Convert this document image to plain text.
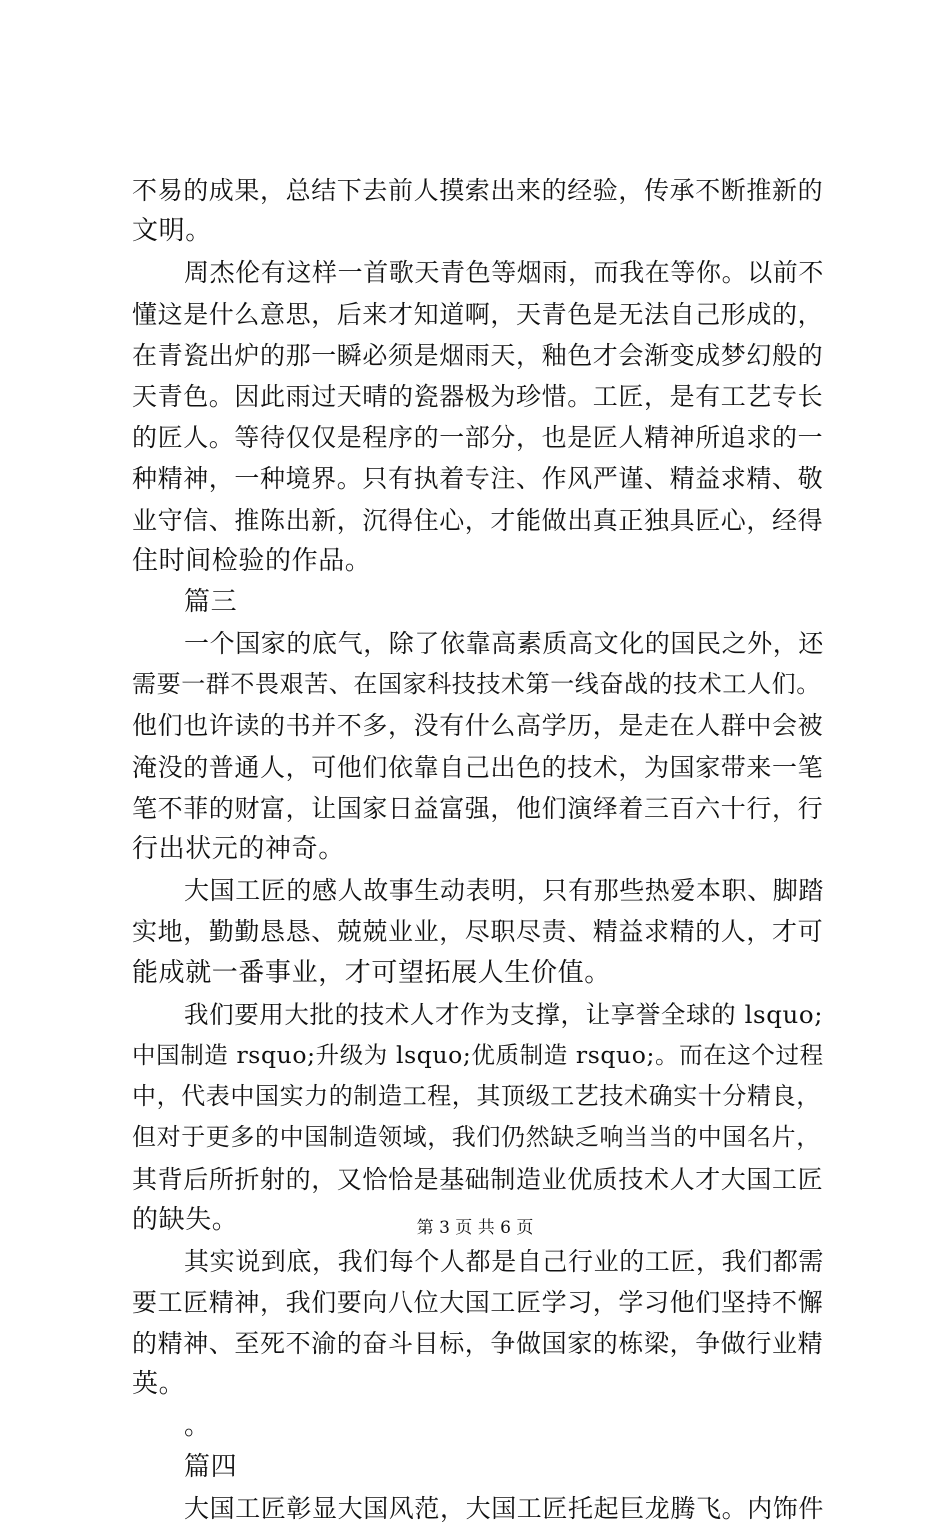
不易的成果，总结下去前人摸索出来的经验，传承不断推新的
文明。
周杰伦有这样一首歌天青色等烟雨，而我在等你。以前不
懂这是什么意思，后来才知道啊，天青色是无法自己形成的，
在青瓷出炉的那一瞬必须是烟雨天，釉色才会渐变成梦幻般的
天青色。因此雨过天晴的瓷器极为珍惜。工匠，是有工艺专长
的匠人。等待仅仅是程序的一部分，也是匠人精神所追求的一
种精神，一种境界。只有执着专注、作风严谨、精益求精、敬
业守信、推陈出新，沉得住心，才能做出真正独具匠心，经得
住时间检验的作品。
篇三
一个国家的底气，除了依靠高素质高文化的国民之外，还
需要一群不畏艰苦、在国家科技技术第一线奋战的技术工人们。
他们也许读的书并不多，没有什么高学历，是走在人群中会被
淹没的普通人，可他们依靠自己出色的技术，为国家带来一笔
笔不菲的财富，让国家日益富强，他们演绎着三百六十行，行
行出状元的神奇。
大国工匠的感人故事生动表明，只有那些热爱本职、脚踏
实地，勤勤恳恳、兢兢业业，尽职尽责、精益求精的人，才可
能成就一番事业，才可望拓展人生价值。
我们要用大批的技术人才作为支撑，让享誉全球的 lsquo;
中国制造 rsquo;升级为 lsquo;优质制造 rsquo;。而在这个过程
中，代表中国实力的制造工程，其顶级工艺技术确实十分精良，
但对于更多的中国制造领域，我们仍然缺乏响当当的中国名片，
其背后所折射的，又恰恰是基础制造业优质技术人才大国工匠
的缺失。
其实说到底，我们每个人都是自己行业的工匠，我们都需
要工匠精神，我们要向八位大国工匠学习，学习他们坚持不懈
的精神、至死不渝的奋斗目标，争做国家的栋梁，争做行业精
英。
。
篇四
大国工匠彰显大国风范，大国工匠托起巨龙腾飞。内饰件
第 3 页 共 6 页
